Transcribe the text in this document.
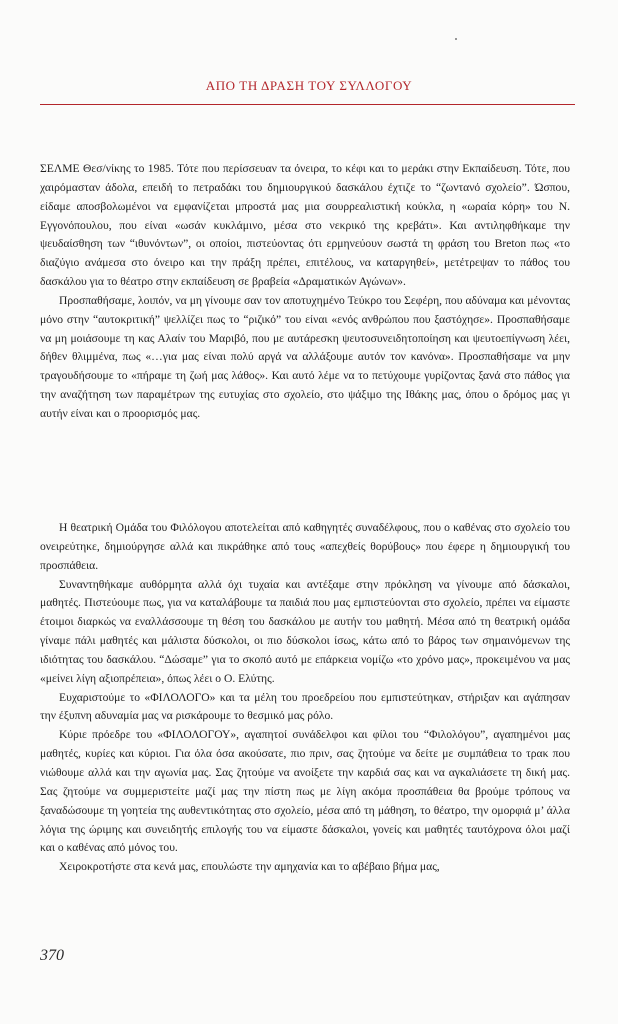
ΑΠΟ ΤΗ ΔΡΑΣΗ ΤΟΥ ΣΥΛΛΟΓΟΥ

ΣΕΛΜΕ Θεσ/νίκης το 1985. Τότε που περίσσευαν τα όνειρα, το κέφι και το μεράκι στην Εκπαίδευση. Τότε, που χαιρόμασταν άδολα, επειδή το πετραδάκι του δημιουργικού δασκάλου έχτιζε το “ζωντανό σχολείο”. Ώσπου, είδαμε αποσβολωμένοι να εμφανίζεται μπροστά μας μια σουρρεαλιστική κούκλα, η «ωραία κόρη» του Ν. Εγγονόπουλου, που είναι «ωσάν κυκλάμινο, μέσα στο νεκρικό της κρεβάτι». Και αντιληφθήκαμε την ψευδαίσθηση των “ιθυνόντων”, οι οποίοι, πιστεύοντας ότι ερμηνεύουν σωστά τη φράση του Breton πως «το διαζύγιο ανάμεσα στο όνειρο και την πράξη πρέπει, επιτέλους, να καταργηθεί», μετέτρεψαν το πάθος του δασκάλου για το θέατρο στην εκπαίδευση σε βραβεία «Δραματικών Αγώνων».

Προσπαθήσαμε, λοιπόν, να μη γίνουμε σαν τον αποτυχημένο Τεύκρο του Σεφέρη, που αδύναμα και μένοντας μόνο στην “αυτοκριτική” ψελλίζει πως το “ριζικό” του είναι «ενός ανθρώπου που ξαστόχησε». Προσπαθήσαμε να μη μοιάσουμε τη κας Αλαίν του Μαριβό, που με αυτάρεσκη ψευτοσυνειδητοποίηση και ψευτοεπίγνωση λέει, δήθεν θλιμμένα, πως «…για μας είναι πολύ αργά να αλλάξουμε αυτόν τον κανόνα». Προσπαθήσαμε να μην τραγουδήσουμε το «πήραμε τη ζωή μας λάθος». Και αυτό λέμε να το πετύχουμε γυρίζοντας ξανά στο πάθος για την αναζήτηση των παραμέτρων της ευτυχίας στο σχολείο, στο ψάξιμο της Ιθάκης μας, όπου ο δρόμος μας γι αυτήν είναι και ο προορισμός μας.

Η θεατρική Ομάδα του Φιλόλογου αποτελείται από καθηγητές συναδέλφους, που ο καθένας στο σχολείο του ονειρεύτηκε, δημιούργησε αλλά και πικράθηκε από τους «απεχθείς θορύβους» που έφερε η δημιουργική του προσπάθεια.

Συναντηθήκαμε αυθόρμητα αλλά όχι τυχαία και αντέξαμε στην πρόκληση να γίνουμε από δάσκαλοι, μαθητές. Πιστεύουμε πως, για να καταλάβουμε τα παιδιά που μας εμπιστεύονται στο σχολείο, πρέπει να είμαστε έτοιμοι διαρκώς να εναλλάσσουμε τη θέση του δασκάλου με αυτήν του μαθητή. Μέσα από τη θεατρική ομάδα γίναμε πάλι μαθητές και μάλιστα δύσκολοι, οι πιο δύσκολοι ίσως, κάτω από το βάρος των σημαινόμενων της ιδιότητας του δασκάλου. “Δώσαμε” για το σκοπό αυτό με επάρκεια νομίζω «το χρόνο μας», προκειμένου να μας «μείνει λίγη αξιοπρέπεια», όπως λέει ο Ο. Ελύτης.

Ευχαριστούμε το «ΦΙΛΟΛΟΓΟ» και τα μέλη του προεδρείου που εμπιστεύτηκαν, στήριξαν και αγάπησαν την έξυπνη αδυναμία μας να ρισκάρουμε το θεσμικό μας ρόλο.

Κύριε πρόεδρε του «ΦΙΛΟΛΟΓΟΥ», αγαπητοί συνάδελφοι και φίλοι του “Φιλολόγου”, αγαπημένοι μας μαθητές, κυρίες και κύριοι. Για όλα όσα ακούσατε, πιο πριν, σας ζητούμε να δείτε με συμπάθεια το τρακ που νιώθουμε αλλά και την αγωνία μας. Σας ζητούμε να ανοίξετε την καρδιά σας και να αγκαλιάσετε τη δική μας. Σας ζητούμε να συμμεριστείτε μαζί μας την πίστη πως με λίγη ακόμα προσπάθεια θα βρούμε τρόπους να ξαναδώσουμε τη γοητεία της αυθεντικότητας στο σχολείο, μέσα από τη μάθηση, το θέατρο, την ομορφιά μ’ άλλα λόγια της ώριμης και συνειδητής επιλογής του να είμαστε δάσκαλοι, γονείς και μαθητές ταυτόχρονα όλοι μαζί και ο καθένας από μόνος του.

Χειροκροτήστε στα κενά μας, επουλώστε την αμηχανία και το αβέβαιο βήμα μας,

370
